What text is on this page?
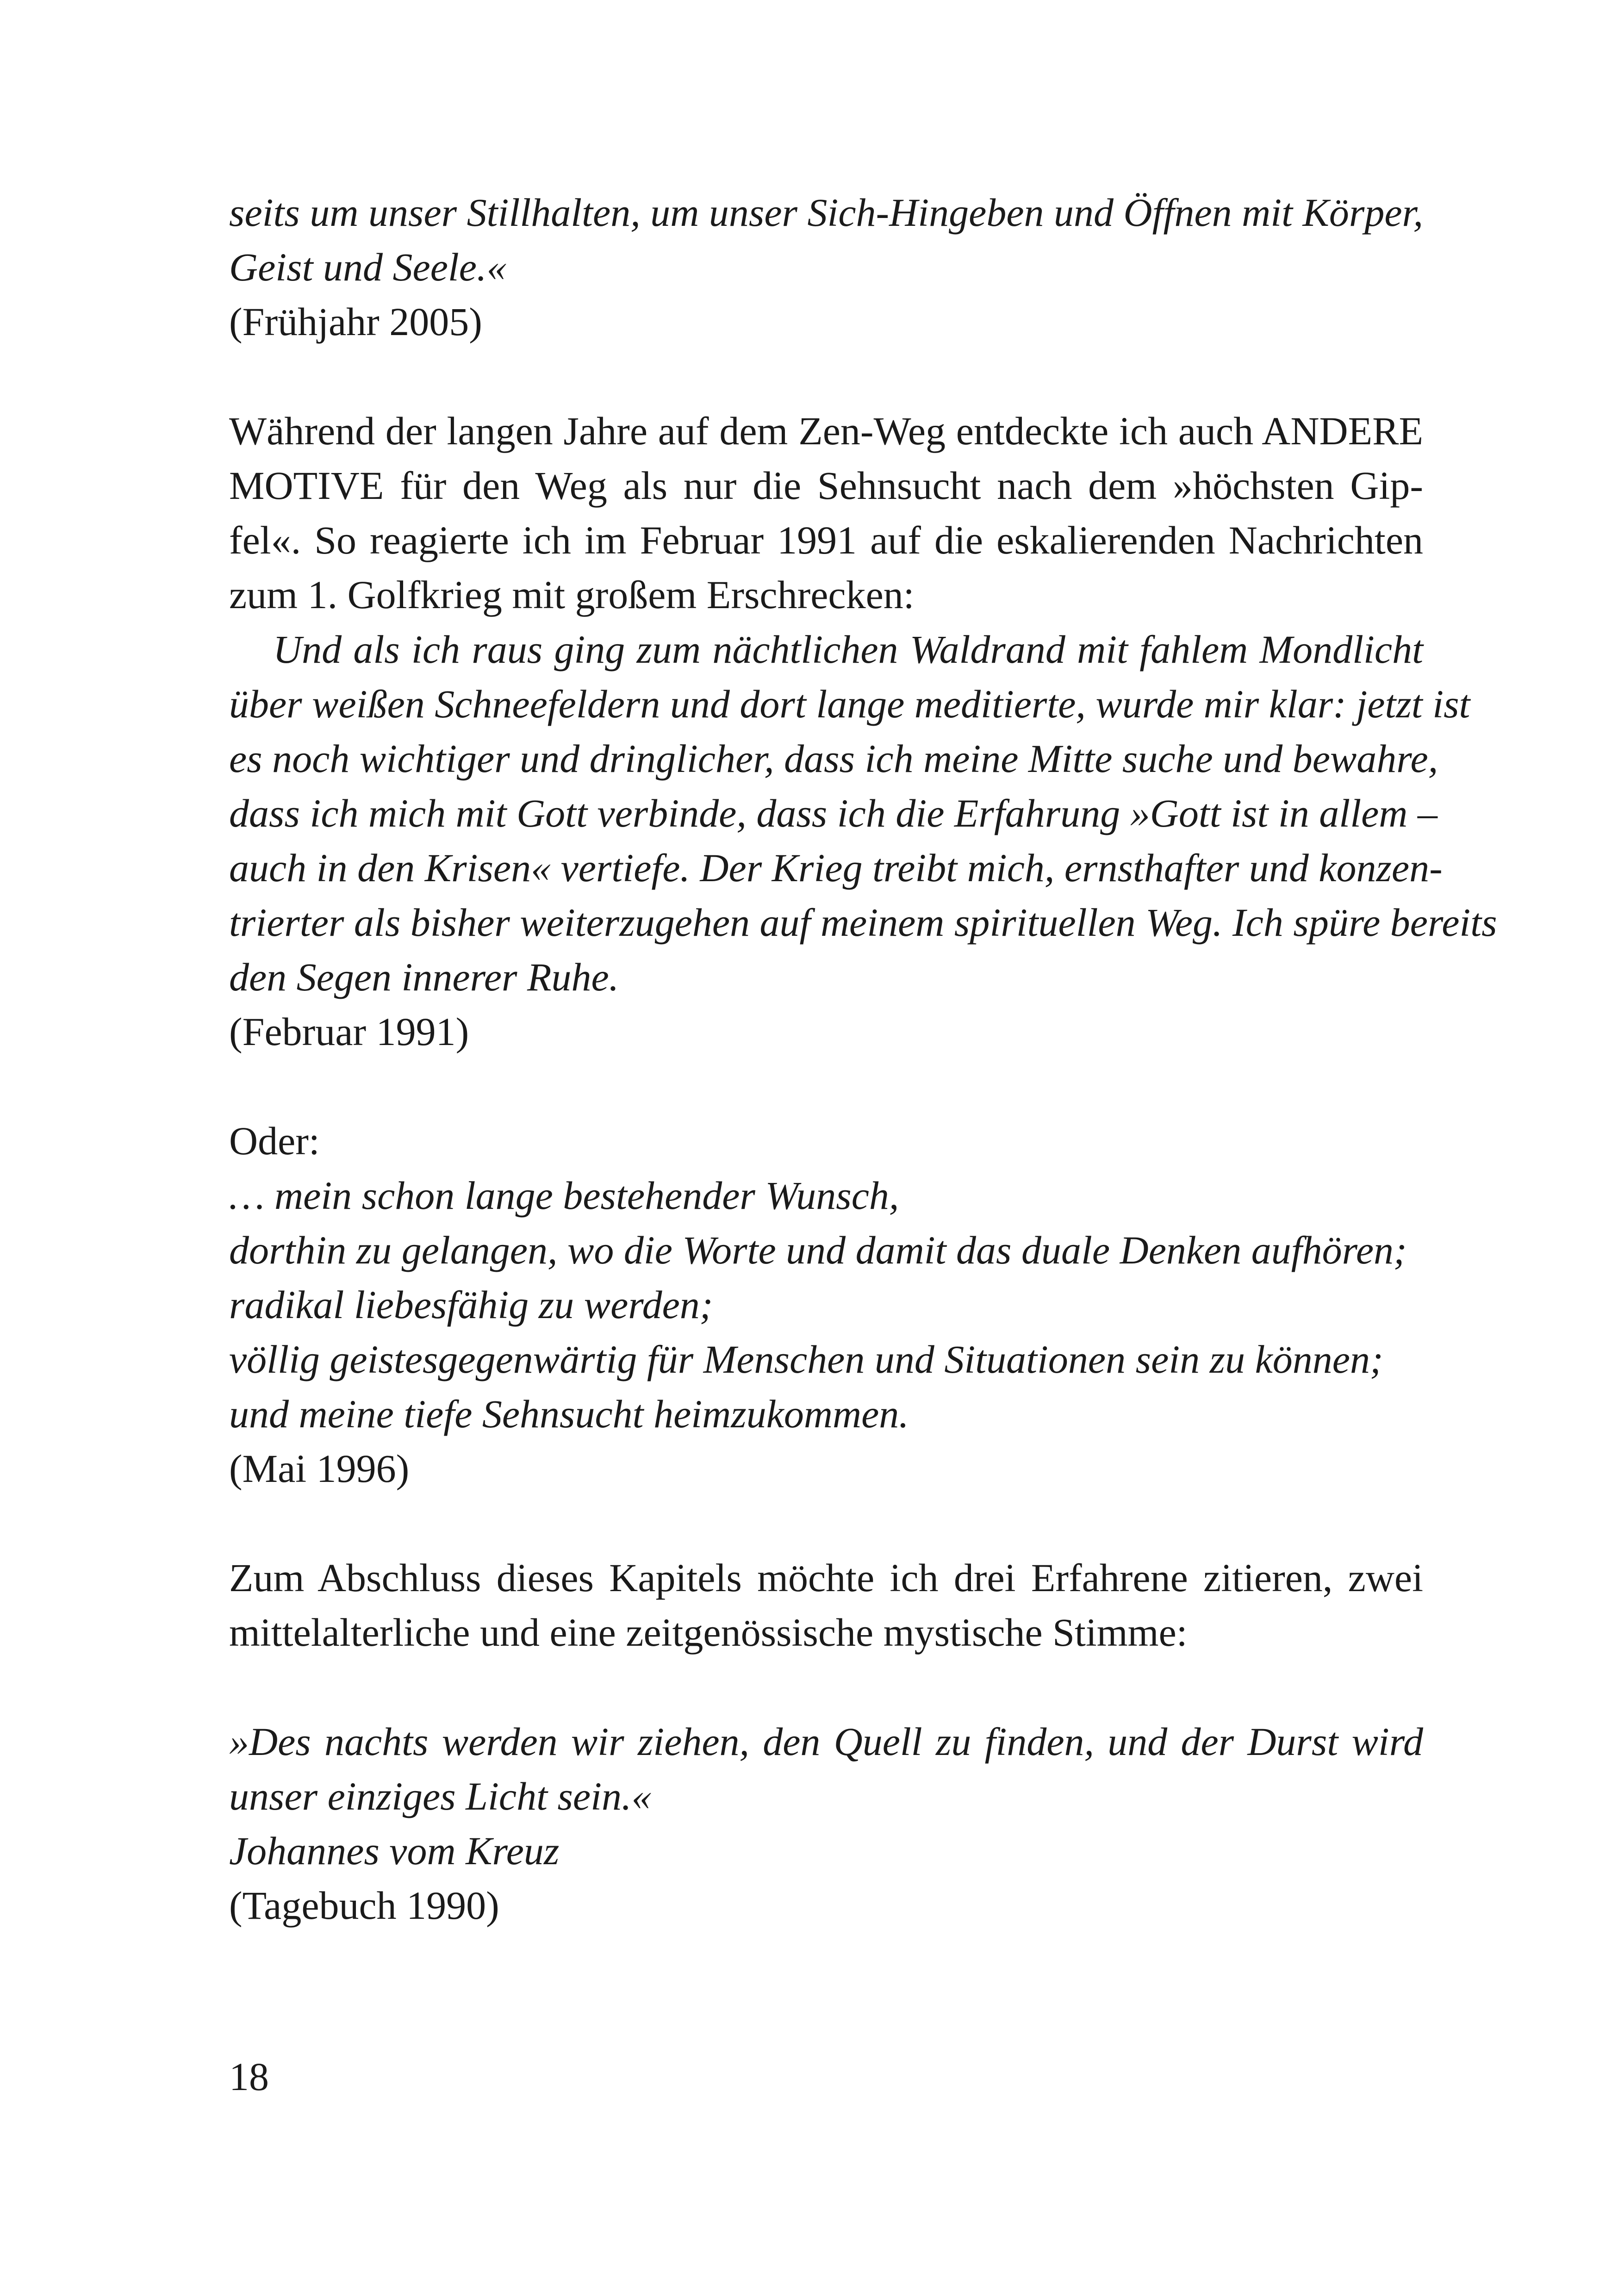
seits um unser Stillhalten, um unser Sich-Hingeben und Öffnen mit Körper,
Geist und Seele.«
(Frühjahr 2005)
Während der langen Jahre auf dem Zen-Weg entdeckte ich auch ANDERE
MOTIVE für den Weg als nur die Sehnsucht nach dem »höchsten Gip-
fel«. So reagierte ich im Februar 1991 auf die eskalierenden Nachrichten
zum 1. Golfkrieg mit großem Erschrecken:
Und als ich raus ging zum nächtlichen Waldrand mit fahlem Mondlicht
über weißen Schneefeldern und dort lange meditierte, wurde mir klar: jetzt ist
es noch wichtiger und dringlicher, dass ich meine Mitte suche und bewahre,
dass ich mich mit Gott verbinde, dass ich die Erfahrung »Gott ist in allem –
auch in den Krisen« vertiefe. Der Krieg treibt mich, ernsthafter und konzen-
trierter als bisher weiterzugehen auf meinem spirituellen Weg. Ich spüre bereits
den Segen innerer Ruhe.
(Februar 1991)
Oder:
… mein schon lange bestehender Wunsch,
dorthin zu gelangen, wo die Worte und damit das duale Denken aufhören;
radikal liebesfähig zu werden;
völlig geistesgegenwärtig für Menschen und Situationen sein zu können;
und meine tiefe Sehnsucht heimzukommen.
(Mai 1996)
Zum Abschluss dieses Kapitels möchte ich drei Erfahrene zitieren, zwei
mittelalterliche und eine zeitgenössische mystische Stimme:
»Des nachts werden wir ziehen, den Quell zu finden, und der Durst wird
unser einziges Licht sein.«
Johannes vom Kreuz
(Tagebuch 1990)
18
